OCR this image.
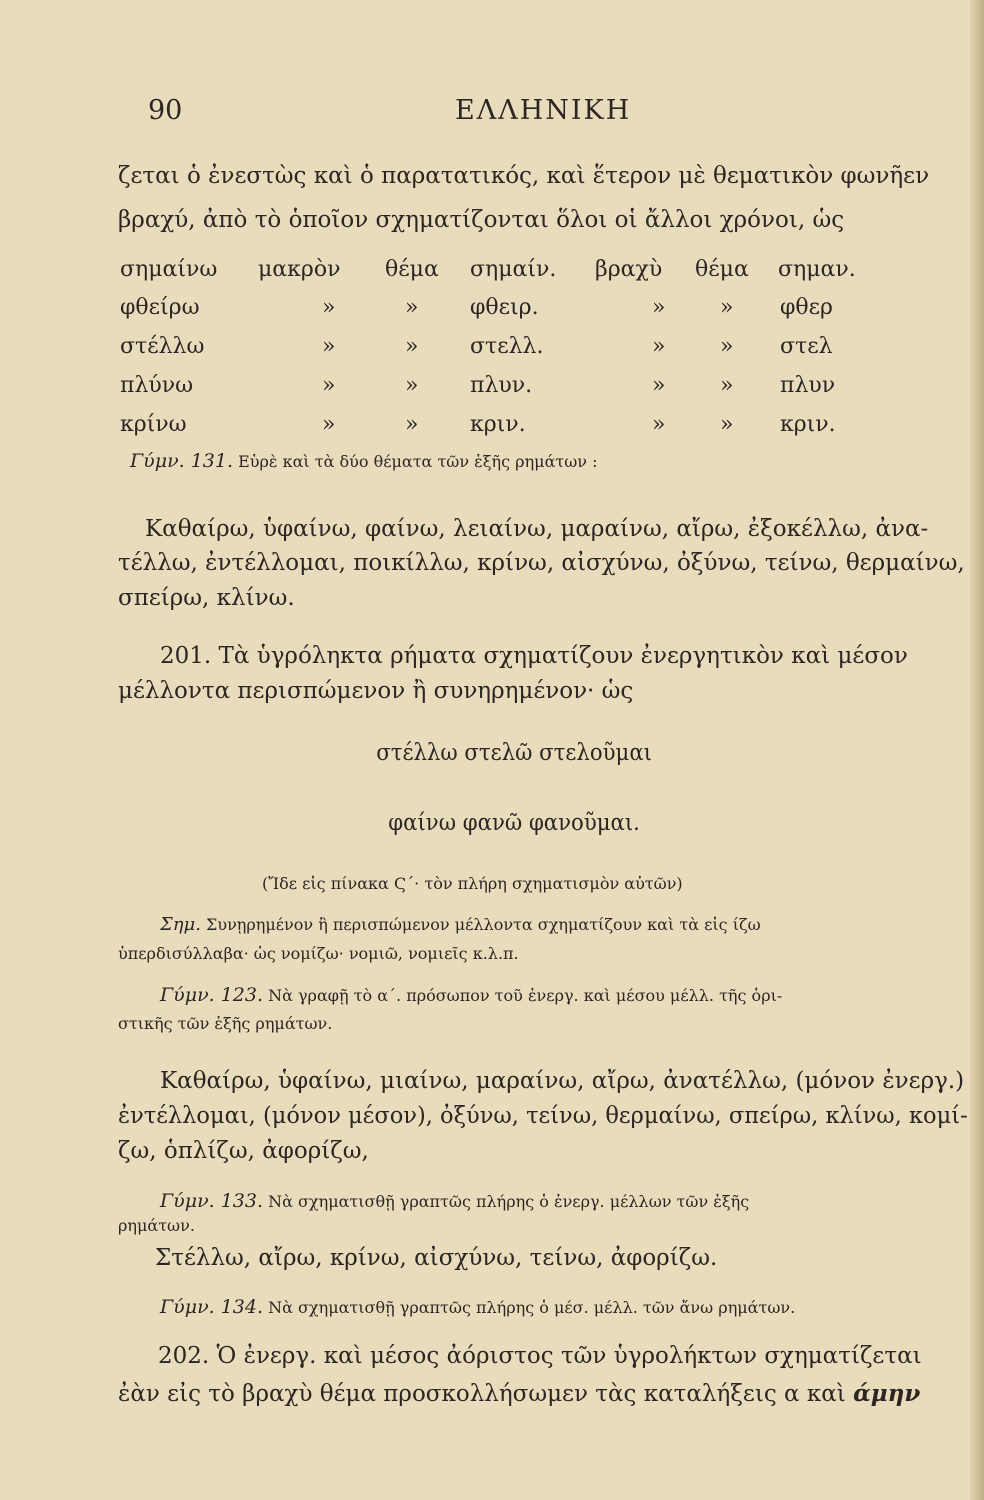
90	ΕΛΛΗΝΙΚΗ
ζεται ὁ ἐνεστὼς καὶ ὁ παρατατικός, καὶ ἕτερον μὲ θεματικὸν φωνῆεν
βραχύ, ἀπὸ τὸ ὁποῖον σχηματίζονται ὅλοι οἱ ἄλλοι χρόνοι, ὡς
σημαίνω μακρὸν θέμα σημαίν. βραχὺ θέμα σημαν.
φθείρω	»	» φθειρ.	» » φθερ
στέλλω	»	» στελλ.	» » στελ
πλύνω	»	» πλυν.	» » πλυν
κρίνω	»	» κριν.	» » κριν.
Γύμν. 131. Εὑρὲ καὶ τὰ δύο θέματα τῶν ἑξῆς ρημάτων :
Καθαίρω, ὑφαίνω, φαίνω, λειαίνω, μαραίνω, αἴρω, ἐξοκέλλω, ἀνα-
τέλλω, ἐντέλλομαι, ποικίλλω, κρίνω, αἰσχύνω, ὀξύνω, τείνω, θερμαίνω,
σπείρω, κλίνω.
201. Τὰ ὑγρόληκτα ρήματα σχηματίζουν ἐνεργητικὸν καὶ μέσον
μέλλοντα περισπώμενον ἢ συνηρημένον· ὡς
στέλλω στελῶ στελοῦμαι
φαίνω φανῶ φανοῦμαι.
(Ἴδε εἰς πίνακα Ϛ΄· τὸν πλήρη σχηματισμὸν αὐτῶν)
Σημ. Συνῃρημένον ἢ περισπώμενον μέλλοντα σχηματίζουν καὶ τὰ εἰς ίζω
ὑπερδισύλλαβα· ὡς νομίζω· νομιῶ, νομιεῖς κ.λ.π.
Γύμν. 123. Νὰ γραφῇ τὸ α΄. πρόσωπον τοῦ ἐνεργ. καὶ μέσου μέλλ. τῆς ὁρι-
στικῆς τῶν ἑξῆς ρημάτων.
Καθαίρω, ὑφαίνω, μιαίνω, μαραίνω, αἴρω, ἀνατέλλω, (μόνον ἐνεργ.)
ἐντέλλομαι, (μόνον μέσον), ὀξύνω, τείνω, θερμαίνω, σπείρω, κλίνω, κομί-
ζω, ὁπλίζω, ἀφορίζω,
Γύμν. 133. Νὰ σχηματισθῇ γραπτῶς πλήρης ὁ ἐνεργ. μέλλων τῶν ἑξῆς
ρημάτων.
Στέλλω, αἴρω, κρίνω, αἰσχύνω, τείνω, ἀφορίζω.
Γύμν. 134. Νὰ σχηματισθῇ γραπτῶς πλήρης ὁ μέσ. μέλλ. τῶν ἄνω ρημάτων.
202. Ὁ ἐνεργ. καὶ μέσος ἀόριστος τῶν ὑγρολήκτων σχηματίζεται
ἐὰν εἰς τὸ βραχὺ θέμα προσκολλήσωμεν τὰς καταλήξεις α καὶ άμην
